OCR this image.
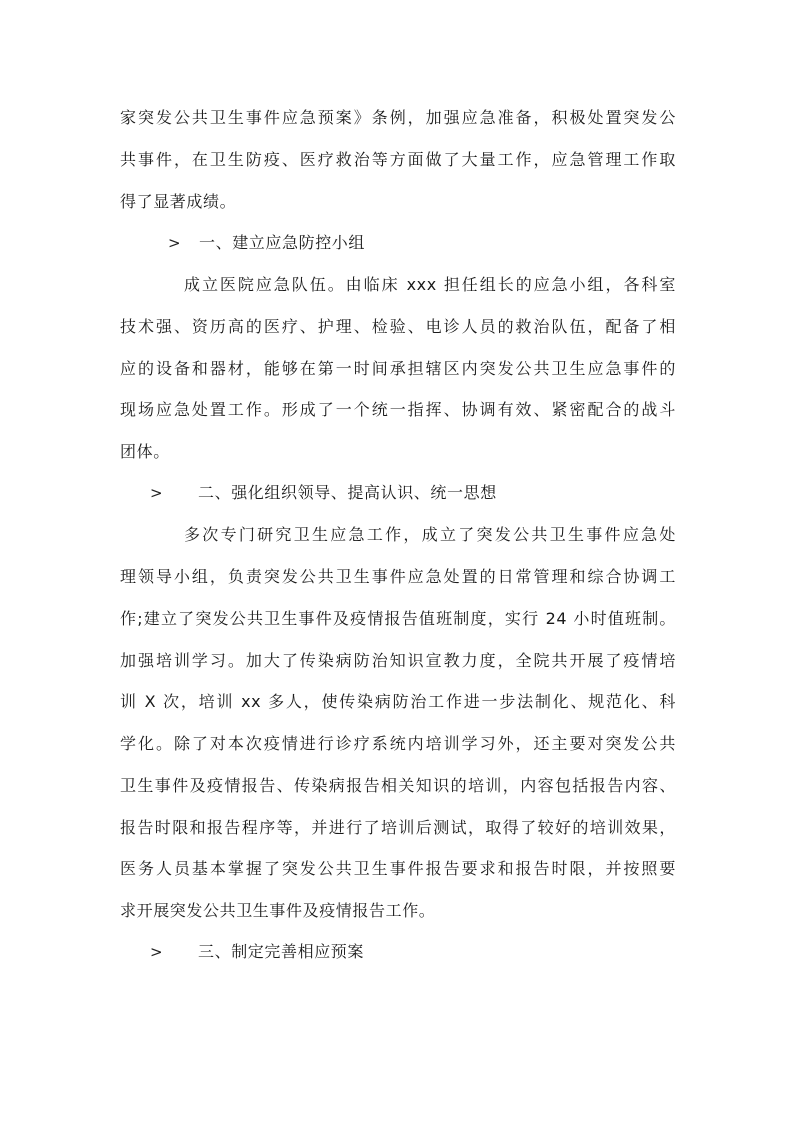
家突发公共卫生事件应急预案》条例，加强应急准备，积极处置突发公
共事件，在卫生防疫、医疗救治等方面做了大量工作，应急管理工作取
得了显著成绩。
> 一、建立应急防控小组
成立医院应急队伍。由临床 xxx 担任组长的应急小组，各科室
技术强、资历高的医疗、护理、检验、电诊人员的救治队伍，配备了相
应的设备和器材，能够在第一时间承担辖区内突发公共卫生应急事件的
现场应急处置工作。形成了一个统一指挥、协调有效、紧密配合的战斗
团体。
> 二、强化组织领导、提高认识、统一思想
多次专门研究卫生应急工作，成立了突发公共卫生事件应急处
理领导小组，负责突发公共卫生事件应急处置的日常管理和综合协调工
作;建立了突发公共卫生事件及疫情报告值班制度，实行 24 小时值班制。
加强培训学习。加大了传染病防治知识宣教力度，全院共开展了疫情培
训 X 次，培训 xx 多人，使传染病防治工作进一步法制化、规范化、科
学化。除了对本次疫情进行诊疗系统内培训学习外，还主要对突发公共
卫生事件及疫情报告、传染病报告相关知识的培训，内容包括报告内容、
报告时限和报告程序等，并进行了培训后测试，取得了较好的培训效果，
医务人员基本掌握了突发公共卫生事件报告要求和报告时限，并按照要
求开展突发公共卫生事件及疫情报告工作。
> 三、制定完善相应预案
